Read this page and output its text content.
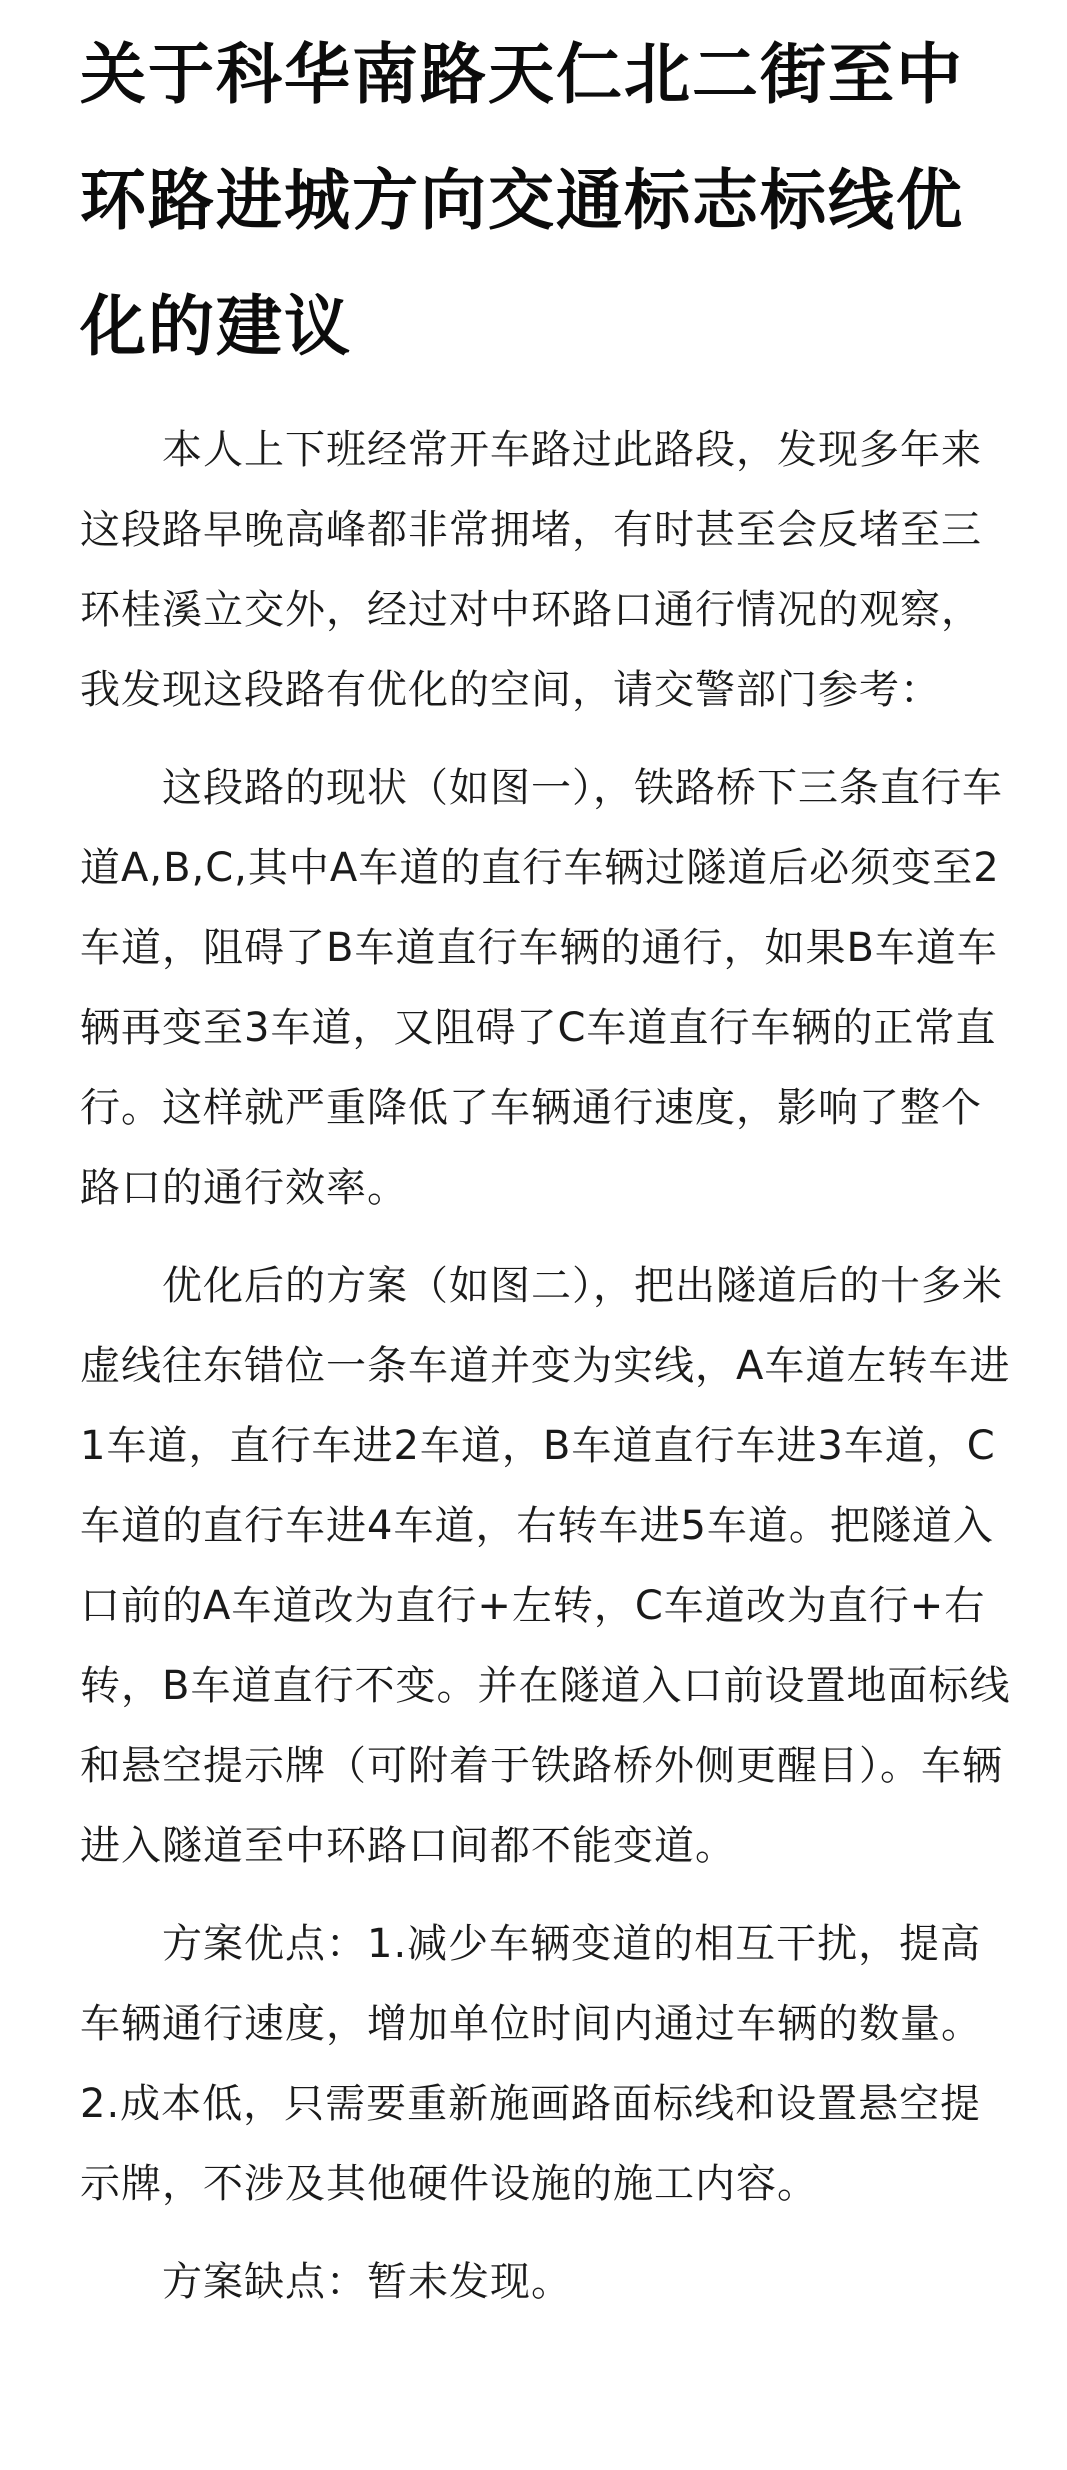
关于科华南路天仁北二街至中环路进城方向交通标志标线优化的建议

　　本人上下班经常开车路过此路段，发现多年来这段路早晚高峰都非常拥堵，有时甚至会反堵至三环桂溪立交外，经过对中环路口通行情况的观察，我发现这段路有优化的空间，请交警部门参考：

　　这段路的现状（如图一），铁路桥下三条直行车道A,B,C,其中A车道的直行车辆过隧道后必须变至2车道，阻碍了B车道直行车辆的通行，如果B车道车辆再变至3车道，又阻碍了C车道直行车辆的正常直行。这样就严重降低了车辆通行速度，影响了整个路口的通行效率。

　　优化后的方案（如图二），把出隧道后的十多米虚线往东错位一条车道并变为实线，A车道左转车进1车道，直行车进2车道，B车道直行车进3车道，C车道的直行车进4车道，右转车进5车道。把隧道入口前的A车道改为直行+左转，C车道改为直行+右转，B车道直行不变。并在隧道入口前设置地面标线和悬空提示牌（可附着于铁路桥外侧更醒目）。车辆进入隧道至中环路口间都不能变道。

　　方案优点：1.减少车辆变道的相互干扰，提高车辆通行速度，增加单位时间内通过车辆的数量。2.成本低，只需要重新施画路面标线和设置悬空提示牌，不涉及其他硬件设施的施工内容。

　　方案缺点：暂未发现。
